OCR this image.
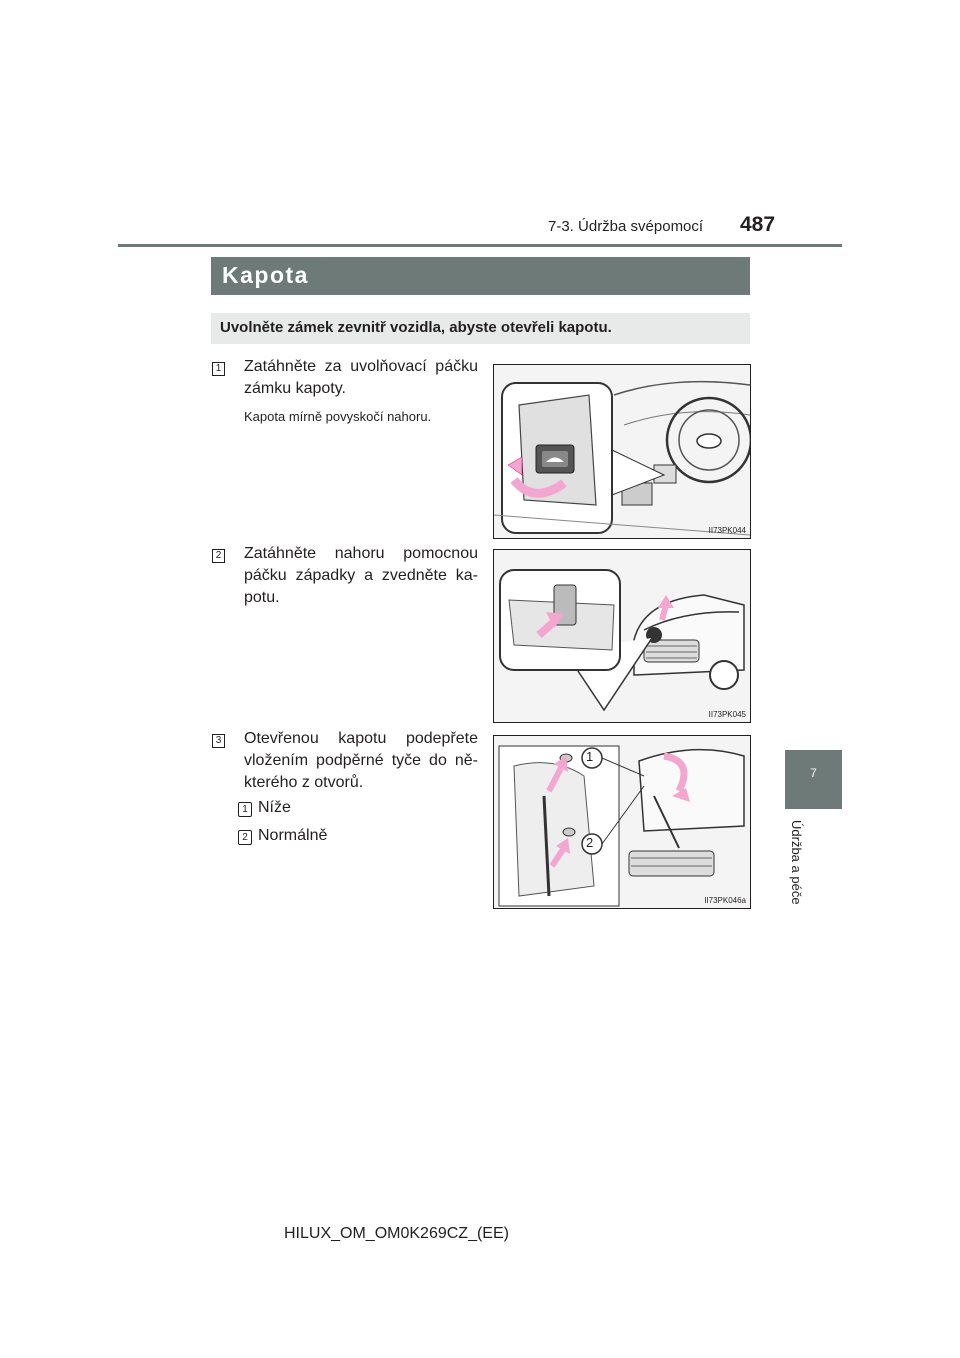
7-3. Údržba svépomocí 487
7
Údržba a péče
Kapota
Uvolněte zámek zevnitř vozidla, abyste otevřeli kapotu.
1 Zatáhněte za uvolňovací páčku zámku kapoty.
Kapota mírně povyskočí nahoru.
II73PK044
2 Zatáhněte nahoru pomocnou páčku západky a zvedněte ka- potu.
II73PK045
3 Otevřenou kapotu podepřete vložením podpěrné tyče do ně- kterého z otvorů.
1 Níže
2 Normálně
1
2
II73PK046a
HILUX_OM_OM0K269CZ_(EE)
